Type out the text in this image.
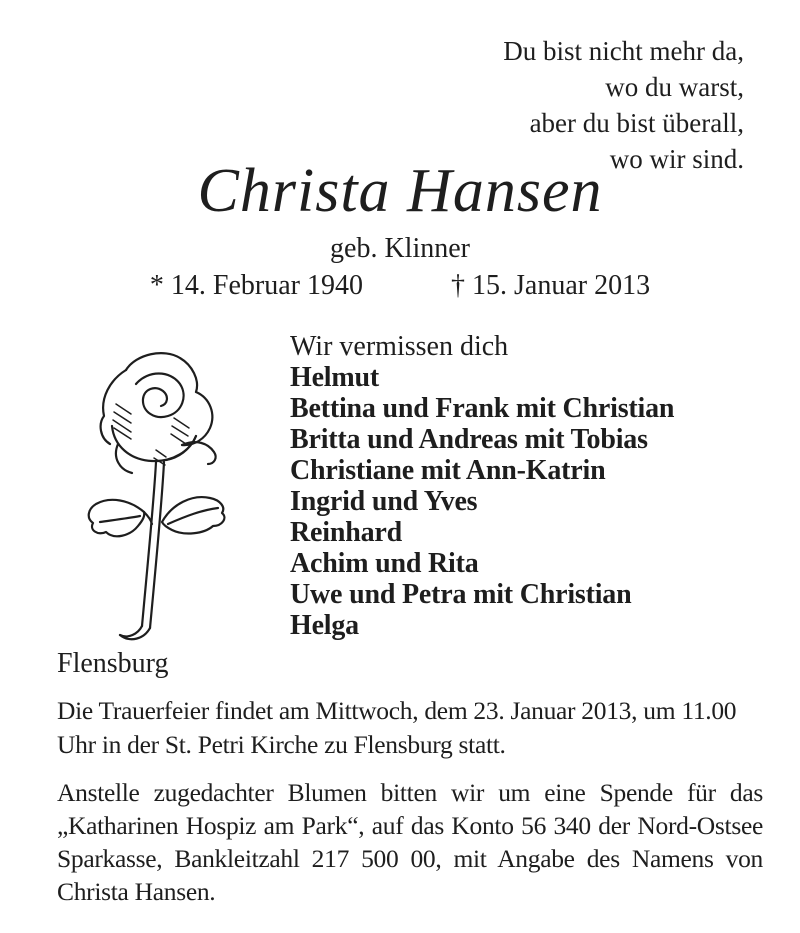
Du bist nicht mehr da,
wo du warst,
aber du bist überall,
wo wir sind.
Christa Hansen
geb. Klinner
* 14. Februar 1940	† 15. Januar 2013
Wir vermissen dich
Helmut
Bettina und Frank mit Christian
Britta und Andreas mit Tobias
Christiane mit Ann-Katrin
Ingrid und Yves
Reinhard
Achim und Rita
Uwe und Petra mit Christian
Helga
Flensburg

Die Trauerfeier findet am Mittwoch, dem 23. Januar 2013, um 11.00 Uhr in der St. Petri Kirche zu Flensburg statt.

Anstelle zugedachter Blumen bitten wir um eine Spende für das „Katharinen Hospiz am Park“, auf das Konto 56 340 der Nord-Ostsee Sparkasse, Bankleitzahl 217 500 00, mit Angabe des Namens von Christa Hansen.
